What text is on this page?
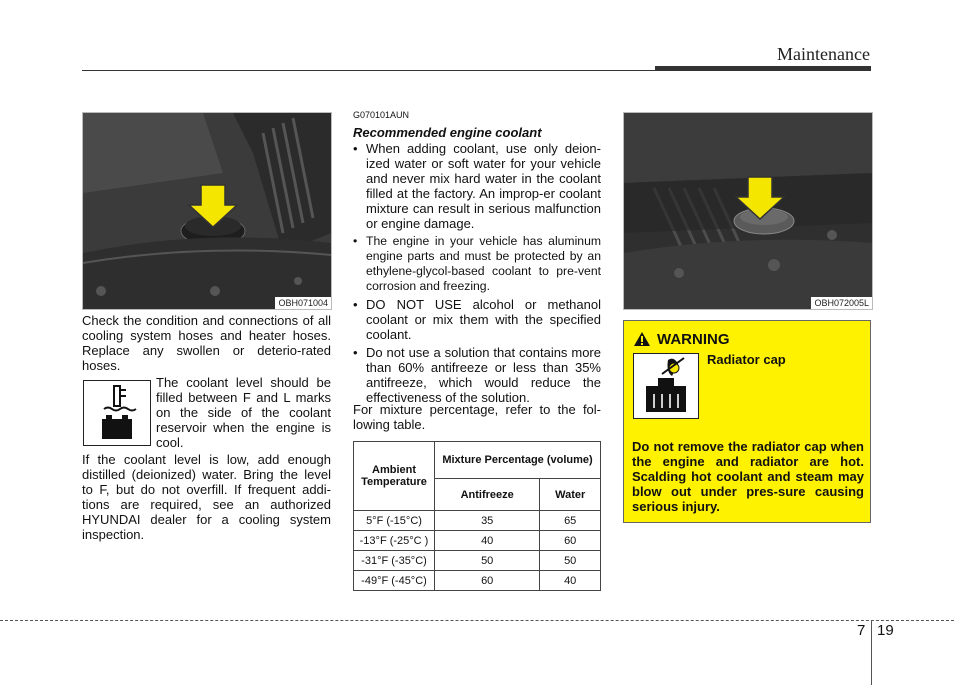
Maintenance
OBH071004
Check the condition and connections of all cooling system hoses and heater hoses. Replace any swollen or deterio-rated hoses.
The coolant level should be filled between F and L marks on the side of the coolant reservoir when the engine is cool.
If the coolant level is low, add enough distilled (deionized) water. Bring the level to F, but do not overfill. If frequent addi-tions are required, see an authorized HYUNDAI dealer for a cooling system inspection.
G070101AUN
Recommended engine coolant
• When adding coolant, use only deion-ized water or soft water for your vehicle and never mix hard water in the coolant filled at the factory. An improp-er coolant mixture can result in serious malfunction or engine damage.
• The engine in your vehicle has aluminum engine parts and must be protected by an ethylene-glycol-based coolant to pre-vent corrosion and freezing.
• DO NOT USE alcohol or methanol coolant or mix them with the specified coolant.
• Do not use a solution that contains more than 60% antifreeze or less than 35% antifreeze, which would reduce the effectiveness of the solution.
For mixture percentage, refer to the fol-lowing table.
Ambient Temperature	Mixture Percentage (volume)	
	Antifreeze	Water
5°F (-15°C)	35	65
-13°F (-25°C )	40	60
-31°F (-35°C)	50	50
-49°F (-45°C)	60	40
OBH072005L
WARNING
Radiator cap
Do not remove the radiator cap when the engine and radiator are hot. Scalding hot coolant and steam may blow out under pres-sure causing serious injury.
7 19
